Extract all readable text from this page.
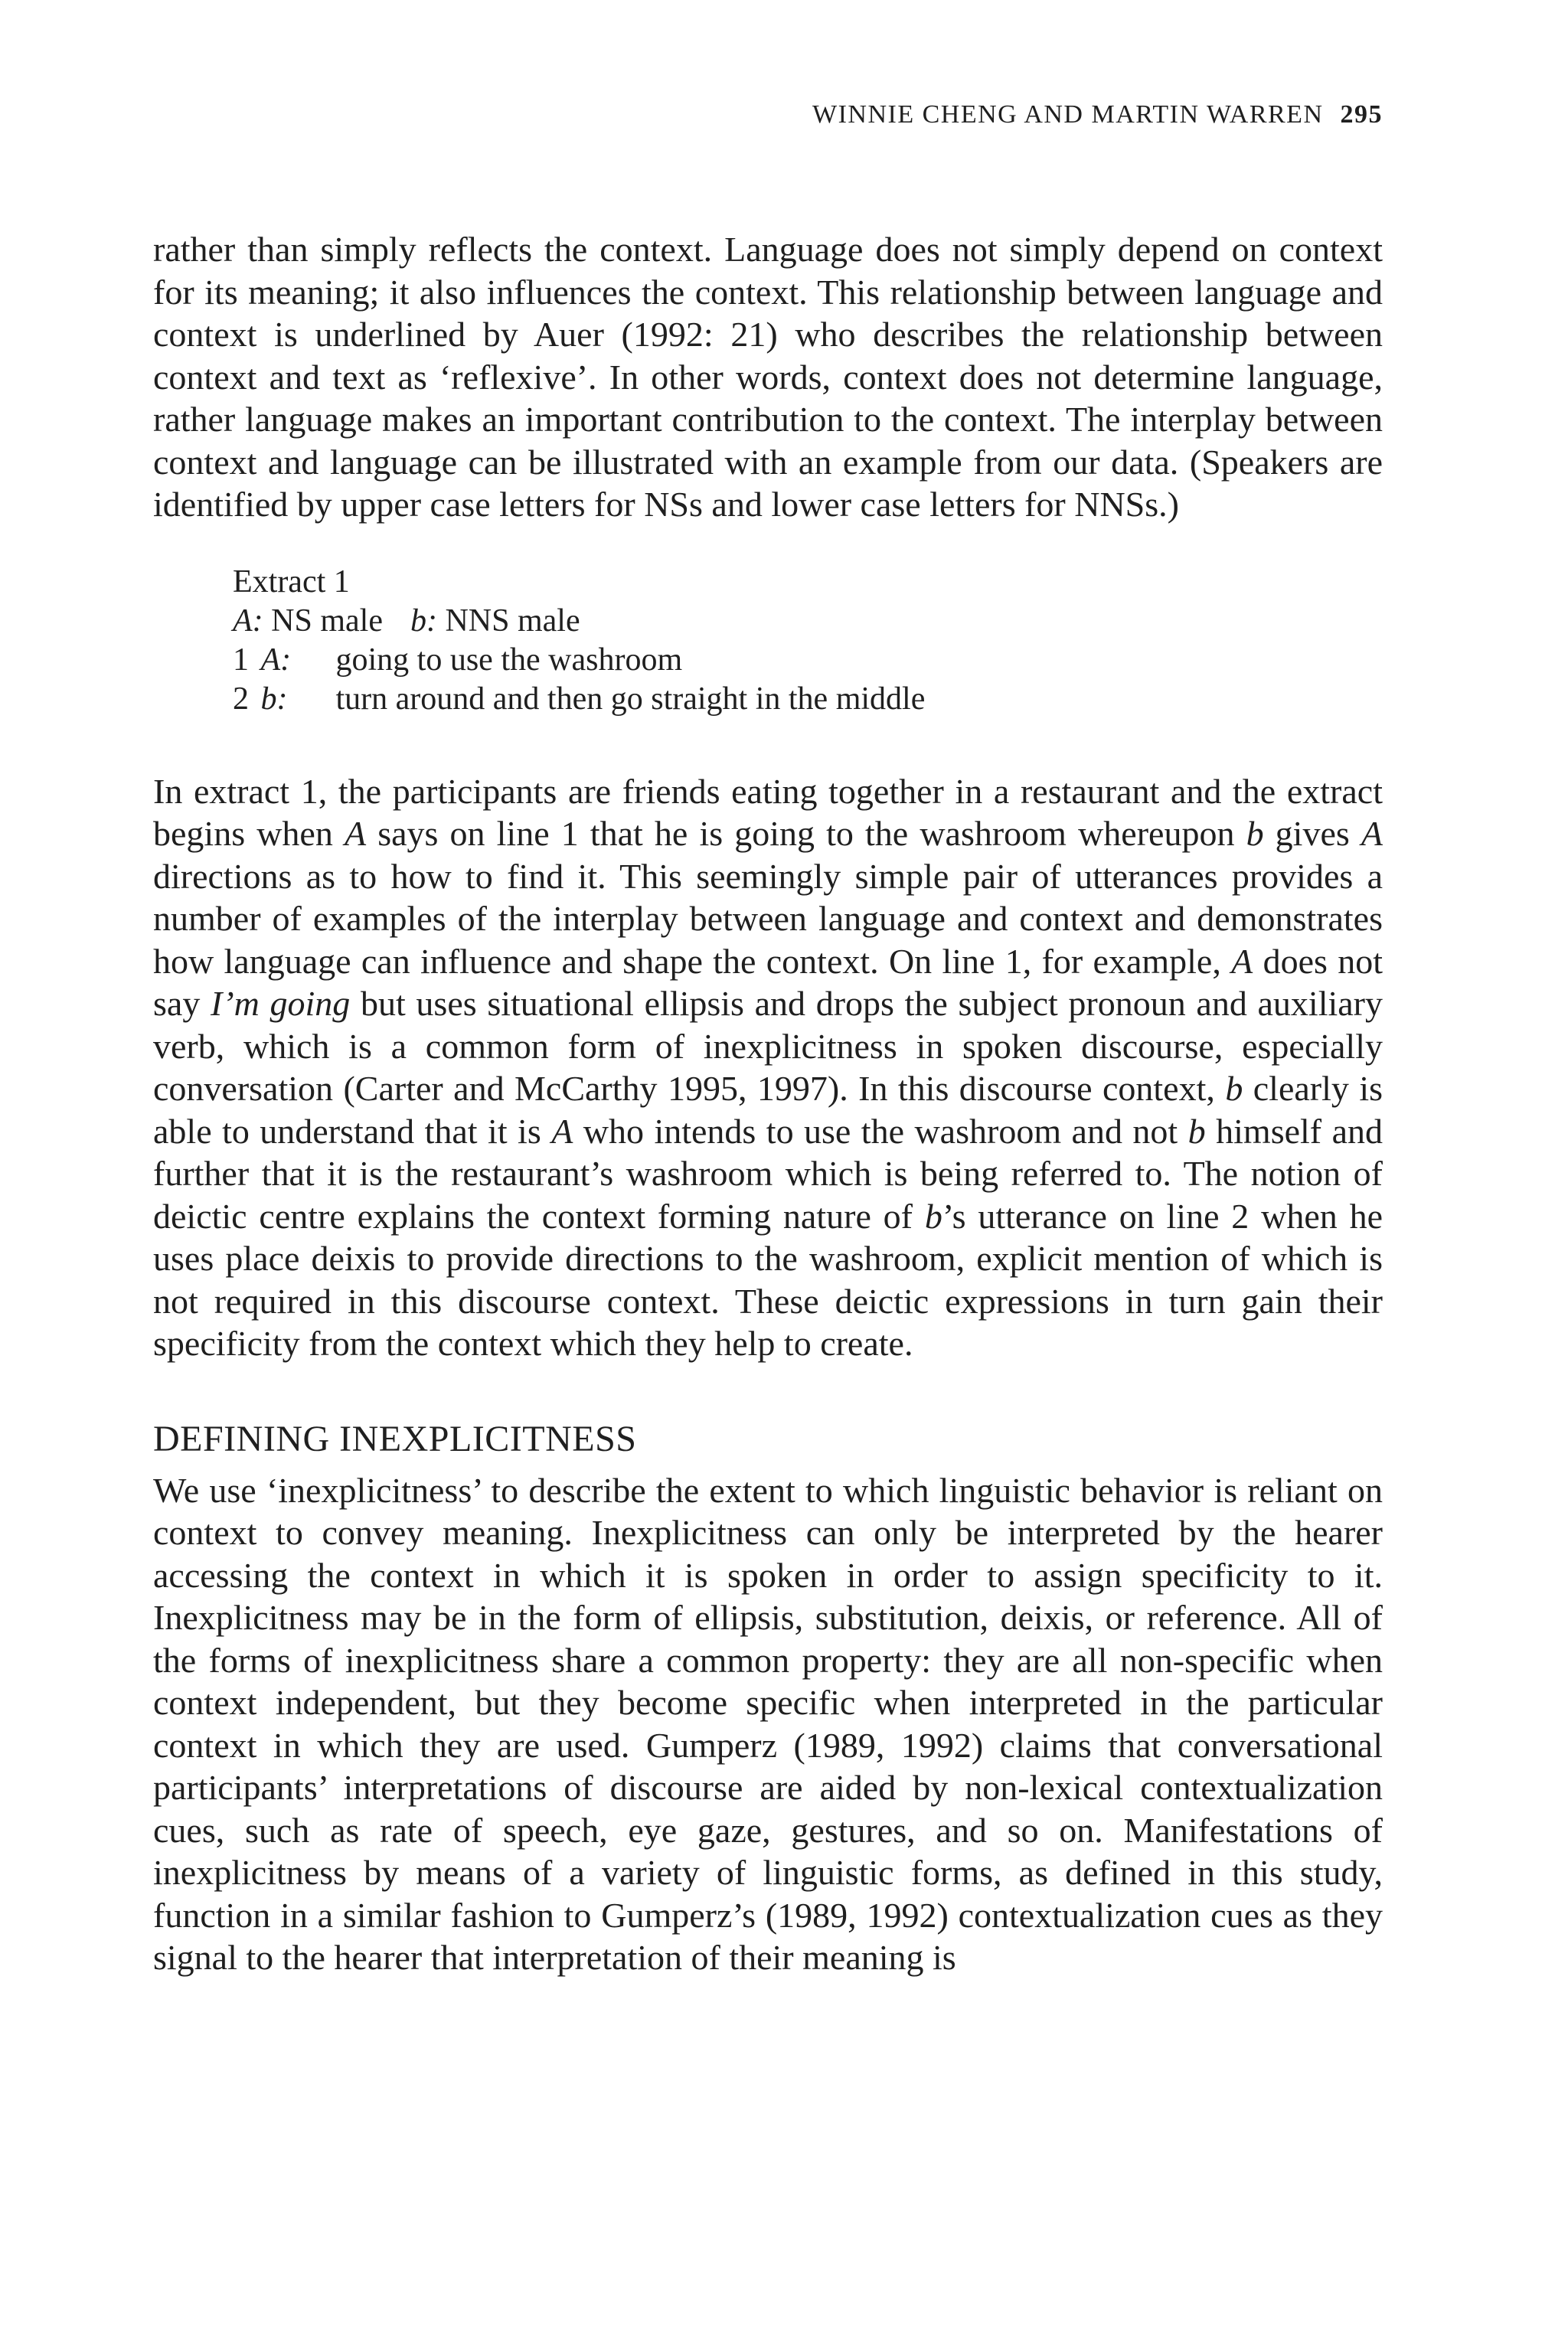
WINNIE CHENG AND MARTIN WARREN 295

rather than simply reflects the context. Language does not simply depend on context for its meaning; it also influences the context. This relationship between language and context is underlined by Auer (1992: 21) who describes the relationship between context and text as ‘reflexive’. In other words, context does not determine language, rather language makes an important contribution to the context. The interplay between context and language can be illustrated with an example from our data. (Speakers are identified by upper case letters for NSs and lower case letters for NNSs.)

Extract 1
A: NS male b: NNS male
1 A: going to use the washroom
2 b: turn around and then go straight in the middle

In extract 1, the participants are friends eating together in a restaurant and the extract begins when A says on line 1 that he is going to the washroom whereupon b gives A directions as to how to find it. This seemingly simple pair of utterances provides a number of examples of the interplay between language and context and demonstrates how language can influence and shape the context. On line 1, for example, A does not say I’m going but uses situational ellipsis and drops the subject pronoun and auxiliary verb, which is a common form of inexplicitness in spoken discourse, especially conversation (Carter and McCarthy 1995, 1997). In this discourse context, b clearly is able to understand that it is A who intends to use the washroom and not b himself and further that it is the restaurant’s washroom which is being referred to. The notion of deictic centre explains the context forming nature of b’s utterance on line 2 when he uses place deixis to provide directions to the washroom, explicit mention of which is not required in this discourse context. These deictic expressions in turn gain their specificity from the context which they help to create.

DEFINING INEXPLICITNESS

We use ‘inexplicitness’ to describe the extent to which linguistic behavior is reliant on context to convey meaning. Inexplicitness can only be interpreted by the hearer accessing the context in which it is spoken in order to assign specificity to it. Inexplicitness may be in the form of ellipsis, substitution, deixis, or reference. All of the forms of inexplicitness share a common property: they are all non-specific when context independent, but they become specific when interpreted in the particular context in which they are used. Gumperz (1989, 1992) claims that conversational participants’ interpretations of discourse are aided by non-lexical contextualization cues, such as rate of speech, eye gaze, gestures, and so on. Manifestations of inexplicitness by means of a variety of linguistic forms, as defined in this study, function in a similar fashion to Gumperz’s (1989, 1992) contextualization cues as they signal to the hearer that interpretation of their meaning is
